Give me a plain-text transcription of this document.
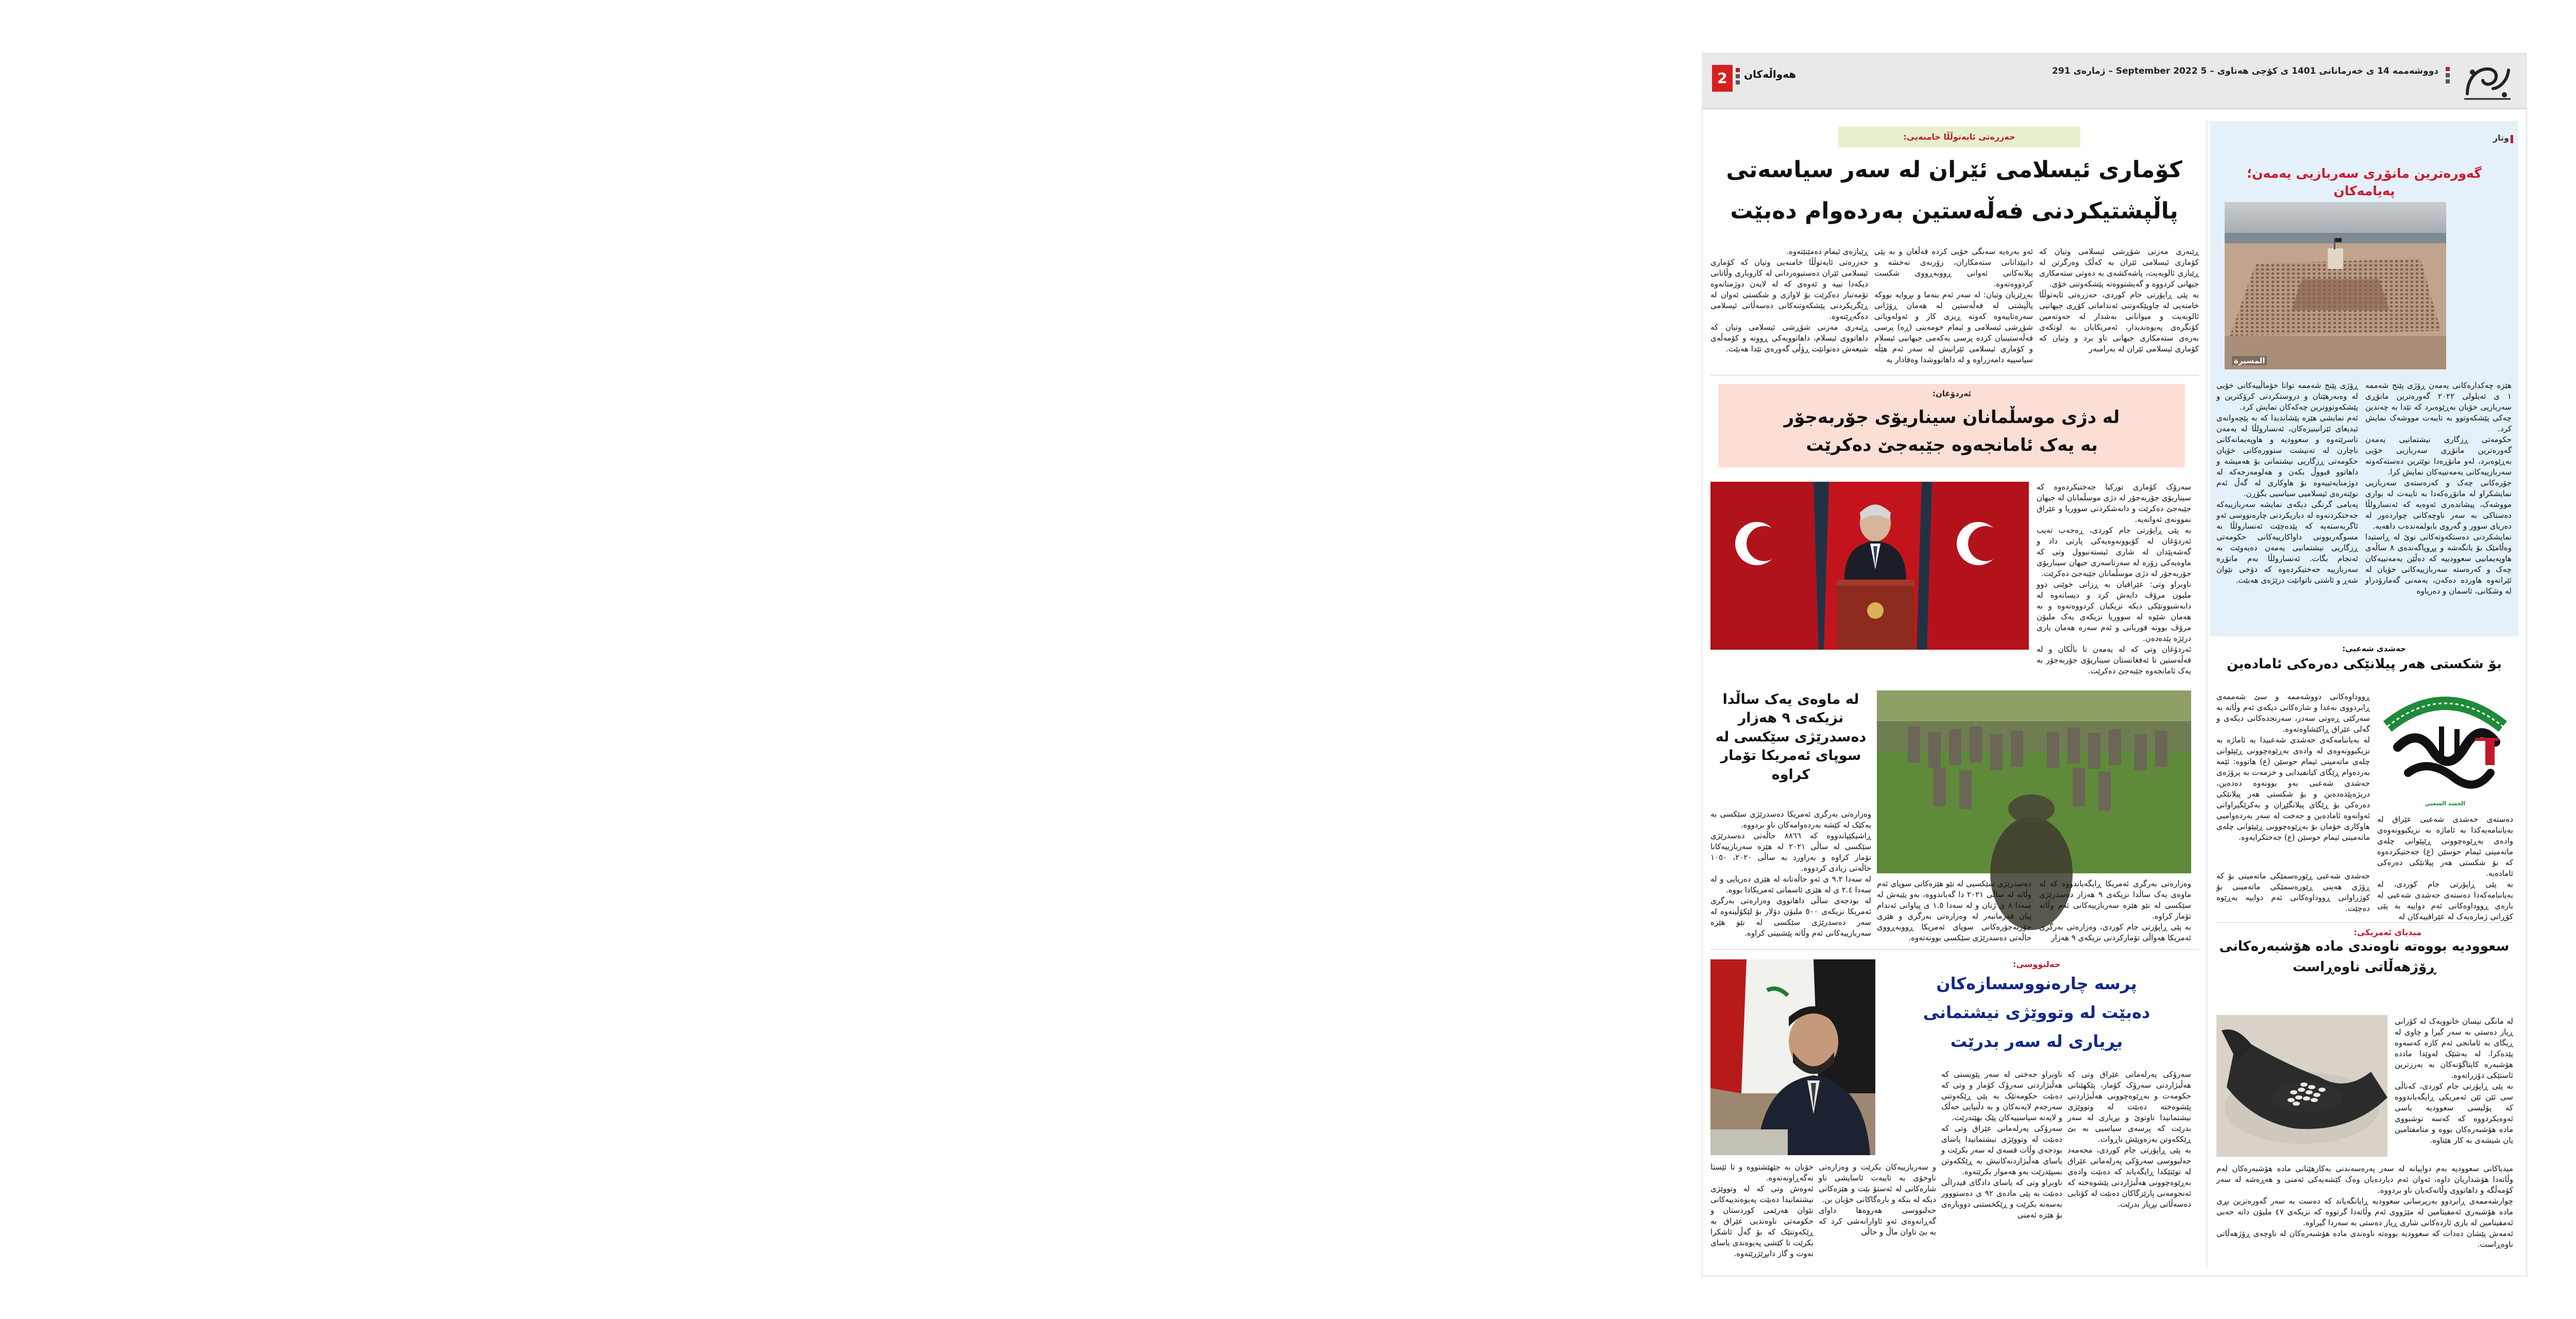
دووشەممە 14 ی خەرمانانی 1401 ی کۆچی هەتاوی – 5 September 2022 – ژمارەی 291
هەواڵەکان
2
وتار
گەورەترین مانۆڕی سەربازیی یەمەن؛ پەیامەکان
المسيرة
هێزە چەکدارەکانی یەمەن ڕۆژی پێنج شەممە ١ ی ئەیلولی ٢٠٢٢ گەورەترین مانۆڕی سەربازیی خۆیان بەڕێوەبرد کە تێدا بە چەندین چەکی پێشکەوتوو بە تایبەت مووشەک نمایش کرد.
حکومەتی ڕزگاری نیشتمانیی یەمەن گەورەترین مانۆڕی سەربازیی خۆیی بەڕێوەبرد، لەو مانۆڕەدا نوێترین دەستەکەوتە سەربازییەکانی یەمەنییەکان نمایش کرا.
جۆرەکانی چەک و کەرەستەی سەربازیی نمایشکراو لە مانۆڕەکەدا بە تایبەت لە بواری مووشەک، پیشاندەری ئەوەیە کە ئەنسارولڵا دەستاکی بە سەر ناوچەکانی چواردەور لە دەریای سوور و گەروی بابولمەندەب داهەیە.
نمایشکردنی دەستکەوتەکانی نوێ لە ڕاستیدا وەڵامێک بۆ بانگەشە و پڕوپاگەندەی ٨ ساڵەی هاوپەیمانیی سعوودییە کە دەڵێن یەمەنییەکان چەک و کەرەستە سەربازییەکانی خۆیان لە ئێرانەوە هاوردە دەکەن، یەمەنی گەمارۆدراو لە وشکانی، ئاسمان و دەریاوە
ڕۆژی پێنج شەممە توانا خۆماڵییەکانی خۆیی لە وەبەرهێنان و دروستکردنی کرۆکترین و پێشکەوتووترین چەکەکان نمایش کرد.
ئەم نمایشی هێزە پێشاندیدا کە بە پێچەوانەی ئیدیعای ئێرانینیزەکان، ئەنسارولڵا لە یەمەن ناسرێتەوە و سعوودیە و هاوپەیمانەکانی ناچارن لە تەنیشت سنوورەکانی خۆیان حکومەتی ڕزگاریی نیشتمانی بۆ هەمیشە و داهاتوو قبووڵ بکەن و هەلومەرجەکە لە دوژمنایەتییەوە بۆ هاوکاری لە گەڵ ئەم نوێنەرەی ئیسلامیی سیاسیی بگۆڕن.
پەیامی گرنگی دیکەی نمایشە سەربازییەکە جەختکردنەوە لە دیاریکردنی چارەنووسی ئەو ئاگربەستەیە کە پێدەچێت ئەنسارولڵا بە مسوگەربوونی داواکارییەکانی حکومەتی ڕزگاریی نیشتمانیی یەمەن دەیەوێت بە ئەنجام بگات. ئەنسارولڵا بەم مانۆڕە سەربازییە جەختیکردەوە کە دۆخی نێوان شەڕ و ئاشتی ناتوانێت درێژەی هەبێت.
حەشدی شەعبی:
بۆ شکستی هەر پیلانێکی دەرەکی ئامادەین
الحشد الشعبي
ڕووداوەکانی دووشەممە و سێ شەممەی ڕابردووی بەغدا و شارەکانی دیکەی ئەم وڵاتە بە سەرکێی ڕەوتی سەدر، سەرنجدەکانی دیکەی و گەلی عێراق ڕاکێشاوەتەوە.
لە بەیاننامەکەی حەشدی شەعبیدا بە ئاماژە بە نزیکبوونەوەی لە وادەی بەڕێوەچوونی ڕێپێوانی چلەی ماتەمینی ئیمام حوسێن (ع) هاتووە: ئێمە بەردەوام ڕێگای کیانفیدایی و خزمەت بە پرۆژەی حەشدی شەعبی بەو بوونەوە دەدەین، دریژەپێدەدەین و بۆ شکستی هەر پیلانێکی دەرەکی بۆ ڕێگای پیلانگێڕان و بەکرێگیراوانی ئەوانەوە ئامادەین و جەخت لە سەر بەردەوامیی هاوکاری خۆمان بۆ بەڕێوەچوونی ڕێپێوانی چلەی ماتەمینی ئیمام حوسێن (ع) جەختکرایەوە.
دەستەی حەشدی شەعبی عێراق لە بەیاننامەیەکدا بە ئاماژە بە نزیکبوونەوەی وادەی بەڕێوەچوونی ڕێپێوانی چلەی ماتەمینی ئیمام حوسێن (ع) جەختیکردەوە کە بۆ شکستی هەر پیلانێکی دەرەکی ئامادەیە.
بە پێی ڕاپۆرتی جام کوردی، لە بەیاننامەکەدا دەستەی حەشدی شەعبی لە بارەی ڕووداوەکانی ئەم دواییە بە پێی کۆڕانی ژمارەیەک لە عێراقییەکان لە
حەشدی شەعبی ڕێورەسمێکی ماتەمینی بۆ کە ڕۆژی هەینی ڕێورەسمێکی ماتەمینی بۆ کوژراوانی ڕووداوەکانی ئەم دواییە بەڕێوە دەچێت.
میدیای ئەمریکی:
سعوودیە بووەتە ناوەندی مادە هۆشبەرەکانی
ڕۆژهەڵاتی ناوەڕاست
لە مانگی نیسان خانوویەک لە کۆرانی ڕیاز دەستی بە سەر گیرا و چاوی لە ڕیگای بە ئامانجی ئەم کارە کەسەوە پێدەکرا. لە بەشێک لەوێدا ماددە هۆشبەرە کاپتاگۆنەکان بە بەرزترین ئاستێکی دۆزرانەوە.
بە پێی ڕاپۆرتی جام کوردی، کەناڵی سی ئێن ئێن ئەمریکی ڕایگەیاندووە کە پۆلیسی سعوودیە باسی ئەوەیکردووە کە کەسە توشبووی مادە هۆشبەرەکان بووە و متامفتامین یان شیشەی بە کار هێناوە.
میدیاکانی سعوودیە بەم دواییانە لە سەر پەرەسەندنی بەکارهێنانی مادە هۆشبەرەکان لەم وڵاتەدا هۆشداریان داوە، ئەوان ئەم دیاردەیان وەک کێشەیەکی ئەمنی و هەڕەشە لە سەر کۆمەڵگە و داهاتووی وڵاتەکەیان ناو بردووە.
چوارشەممەی ڕابردوو بەرپرسانی سعوودیە ڕایانگەیاند کە دەست بە سەر گەورەترین بڕی مادە هۆشبەری ئەمفیتامین لە مێژووی ئەم وڵاتەدا گرتووە کە نزیکەی ٤٧ ملیۆن دانە حەبی ئەمفیتامین لە باری ئاردەکانی شاری ڕیاز دەستی بە سەردا گیراوە.
ئەمەش پێشان دەدات کە سعوودیە بووەتە ناوەندی مادە هۆشبەرەکان لە ناوچەی ڕۆژهەڵاتی ناوەڕاست.
حەزرەتی ئایەتوڵڵا خامنەیی:
کۆماری ئیسلامی ئێران لە سەر سیاسەتی
پاڵپشتیکردنی فەڵەستین بەردەوام دەبێت
ڕێبەری مەزنی شۆڕشی ئیسلامی وتیان کە کۆماری ئیسلامی ئێران بە کەڵک وەرگرتن لە ڕێبازی ئالوبەیت، پاشەکشەی بە دەوتی ستەمکاری جیهانی کردووە و گەیشتووەتە پێشکەوتنی خۆی.
بە پێی ڕاپۆرتی جام کوردی، حەزرەتی ئایەتوڵڵا خامنەیی لە چاوپێکەوتنی ئەندامانی کۆڕی جیهانیی ئالوبەیت و میوانانی بەشدار لە حەوتەمین کۆنگرەی پەیوەندیدار، ئەمریکایان بە لوتکەی بەرەی ستەمکاری جیهانی ناو برد و وتیان کە کۆماری ئیسلامی ئێران لە بەرامبەر
ئەو بەرەیە سەنگی خۆیی کردە قەڵغان و بە پێی دانپێدانانی ستەمکاران، زۆربەی نەخشە و پیلانەکانی ئەوانی ڕووبەڕووی شکست کردووەتەوە.
بەڕێزیان وتیان: لە سەر ئەم بنەما و بڕوایە بووکە پاڵپشتی لە فەڵەستین لە هەمان ڕۆژانی سەرەتاییەوە کەوتە ڕیزی کار و ئەولەویاتی شۆڕشی ئیسلامی و ئیمام خومەینی (ڕە) پرسی فەڵەستینیان کردە پرسی یەکەمی جیهانیی ئیسلام و کۆماری ئیسلامی ئێرانیش لە سەر ئەم هێڵە سیاسییە دامەزراوە و لە داهاتووشدا وەفادار بە
ڕێبازەی ئیمام دەمێنێتەوە.
حەزرەتی ئایەتوڵڵا خامنەیی وتیان کە کۆماری ئیسلامی ئێران دەستیوەردانی لە کاروباری وڵاتانی دیکەدا نییە و ئەوەی کە لە لایەن دوژمنانەوە تۆمەتبار دەکرێت بۆ لاوازی و شکستی ئەوان لە ڕێگریکردنی پێشکەوتنەکانی دەسەڵاتی ئیسلامی دەگەڕێتەوە.
ڕێبەری مەزنی شۆڕشی ئیسلامی وتیان کە داهاتووی ئیسلام، داهاتوویەکی ڕوونە و کۆمەڵەی شیعەش دەتوانێت ڕۆڵی گەورەی تێدا هەبێت.
ئەردۆغان:
لە دژی موسڵمانان سیناریۆی جۆربەجۆر
بە یەک ئامانجەوە جێبەجێ دەکرێت
سەرۆک کۆماری تورکیا جەختیکردەوە کە سیناریۆی جۆربەجۆر لە دژی موسڵمانان لە جیهان جێبەجێ دەکرێت و دابەشکردنی سووریا و عێراق نموونەی ئەوانەیە.
بە پێی ڕاپۆرتی جام کوردی، ڕەجەب تەیب ئەردۆغان لە کۆبوونەوەیەکی پارتی داد و گەشەپێدان لە شاری ئیستەنبوول وتی کە ماوەیەکی زۆرە لە سەرتاسەری جیهان سیناریۆی جۆربەجۆر لە دژی موسڵمانان جێبەجێ دەکرێت.
ناوبراو وتی: عێراقیان بە ڕزانی خوێنی دوو ملیون مرۆڤ دابەش کرد و دیسانەوە لە دابەشبوونێکی دیکە نزیکیان کردووەتەوە و بە هەمان شێوە لە سووریا نزیکەی یەک ملیۆن مرۆڤ بوونە قوربانی و ئەم سەرە هەمان یاری درێژە پێدەدەن.
ئەردۆغان وتی کە لە یەمەن تا باڵکان و لە فەڵەستین تا ئەفغانستان سیناریۆی جۆربەجۆر بە یەک ئامانجەوە جێبەجێ دەکرێت.
لە ماوەی یەک ساڵدا
نزیکەی ٩ هەزار
دەسدرێژی سێکسی لە
سوپای ئەمریکا تۆمار کراوە
وەزارەتی بەرگری ئەمریکا دەسدرێژی سێکسی بە یەکێک لە کێشە بەردەوامەکان ناو بردووە.
ڕاشیکێپاندووە کە ٨٨٦٦ حاڵەتی دەسدرێژی سێکسی لە ساڵی ٢٠٢١ لە هێزە سەربازییەکانا تۆمار کراوە و بەراورد بە ساڵی ٢٠٢٠، ١٠٥٠ حاڵەتی زیادی کردووە.
لە سەدا ٩.٢ ی ئەو حاڵەتانە لە هێزی دەریایی و لە سەدا ٢.٤ ی لە هێزی ئاسمانی ئەمریکادا بووە.
لە بودجەی ساڵی داهاتووی وەزارەتی بەرگری ئەمریکا نزیکەی ٥٠٠ ملیۆن دۆلار بۆ لێکۆڵینەوە لە سەر دەسدرێژی سێکسی لە نێو هێزە سەربازییەکانی ئەم وڵاتە پێشبینی کراوە.
دەسدرێژی سێکسیی لە نێو هێزەکانی سوپای ئەم وڵاتە لە ساڵی ٢٠٢١ دا گەیاندووە، بەو پێیەش لە سەدا ٨ ی ژنان و لە سەدا ١.٥ ی پیاوانی ئەندام پیان قەرمانبەر لە وەزارەتی بەرگری و هێزی جۆربەجۆرەکانی سوپای ئەمریکا ڕووبەڕووی حاڵەتی دەسدرێژی سێکسی بوونەتەوە.
وەزارەتی بەرگری ئەمریکا ڕایگەیاندووە کە لە ماوەی یەک ساڵدا نزیکەی ٩ هەزار دەسدرێژی سێکسی لە نێو هێزە سەربازییەکانی ئەم وڵاتە تۆمار کراوە.
بە پێی ڕاپۆرتی جام کوردی، وەزارەتی بەرگری ئەمریکا هەواڵی تۆمارکردنی نزیکەی ٩ هەزار
حەلبووسی:
پرسە چارەنووسسازەکان
دەبێت لە وتووێژی نیشتمانی
بڕیاری لە سەر بدرێت
سەرۆکی پەرلەمانی عێراق وتی کە هەڵبژاردنی سەرۆک کۆمار، پێکهێنانی حکومەت و بەڕێوەچوونی هەڵبژاردنی پێشوەختە دەبێت لە وتووێژی نیشتمانیدا تاوتوێ و بڕیاری لە سەر بدرێت کە پرسەی سیاسیی بە بێ ڕێککەوتن بەرەوپێش ناڕوات.
بە پێی ڕاپۆرتی جام کوردی، محەمەد حەلبووسی سەرۆکی پەرلەمانی عێراق لە توێتێکدا ڕایگەیاند کە دەبێت وادەی بەڕێوەچوونی هەڵبژاردنی پێشوەختە کە ئەنجومەنی پارێزگاکان دەبێت لە کۆتایی دەسەڵاتی بڕیار بدرێت.
ناوبراو جەختی لە سەر پێویستی کە هەڵبژاردنی سەرۆک کۆمار و وتی کە دەبێت حکومەتێک بە پێی ڕێکەوتنی سەرجەم لایەنەکان و بە دڵنیایی خەڵک و لایەنە سیاسییەکان پێک بهێندرێت.
سەرۆکی پەرلەمانی عێراق وتی کە دەبێت لە وتووێژی نیشتمانیدا پاسای بودجەی وڵات قسەی لە سەر بکرێت و یاسای هەڵبژاردنەکانیش بە ڕێککەوتن بسپێدرێت بەو هەموار بکرێتەوە.
ناوبراو وتی کە یاسای دادگای فیدراڵی دەبێت بە پێی مادەی ٩٢ ی دەستووور بەسەنە بکرێت و ڕێکخستنی دووبارەی بۆ هێزە ئەمنی
و سەربازییەکان بکرێت و وەزارەتی ناوخۆی بە تایبەت ئاسایشی ناو شارەکانی لە ئەستۆ بێت و هێزەکانی دیکە لە بنکە و بارەگاکانی خۆیان بن.
حەلبووسی هەروەها داوای گەڕانەوەی ئەو ئاوارانەشی کرد کە بە بێ تاوان ماڵ و حاڵی
خۆیان بە جێهێشتووە و تا ئێستا نەگەڕاونەتەوە.
ئەوەش وتی کە لە وتووێژی نیشتمانیدا دەبێت پەیوەندییەکانی نێوان هەرێمی کوردستان و حکومەتی ناوەندیی عێراق بە ڕێکەوتنێک کە بۆ گەڵ ئاشکرا بکرێت تا کێشی پەیوەندی یاسای نەوت و گاز دابڕێژرێتەوە.
